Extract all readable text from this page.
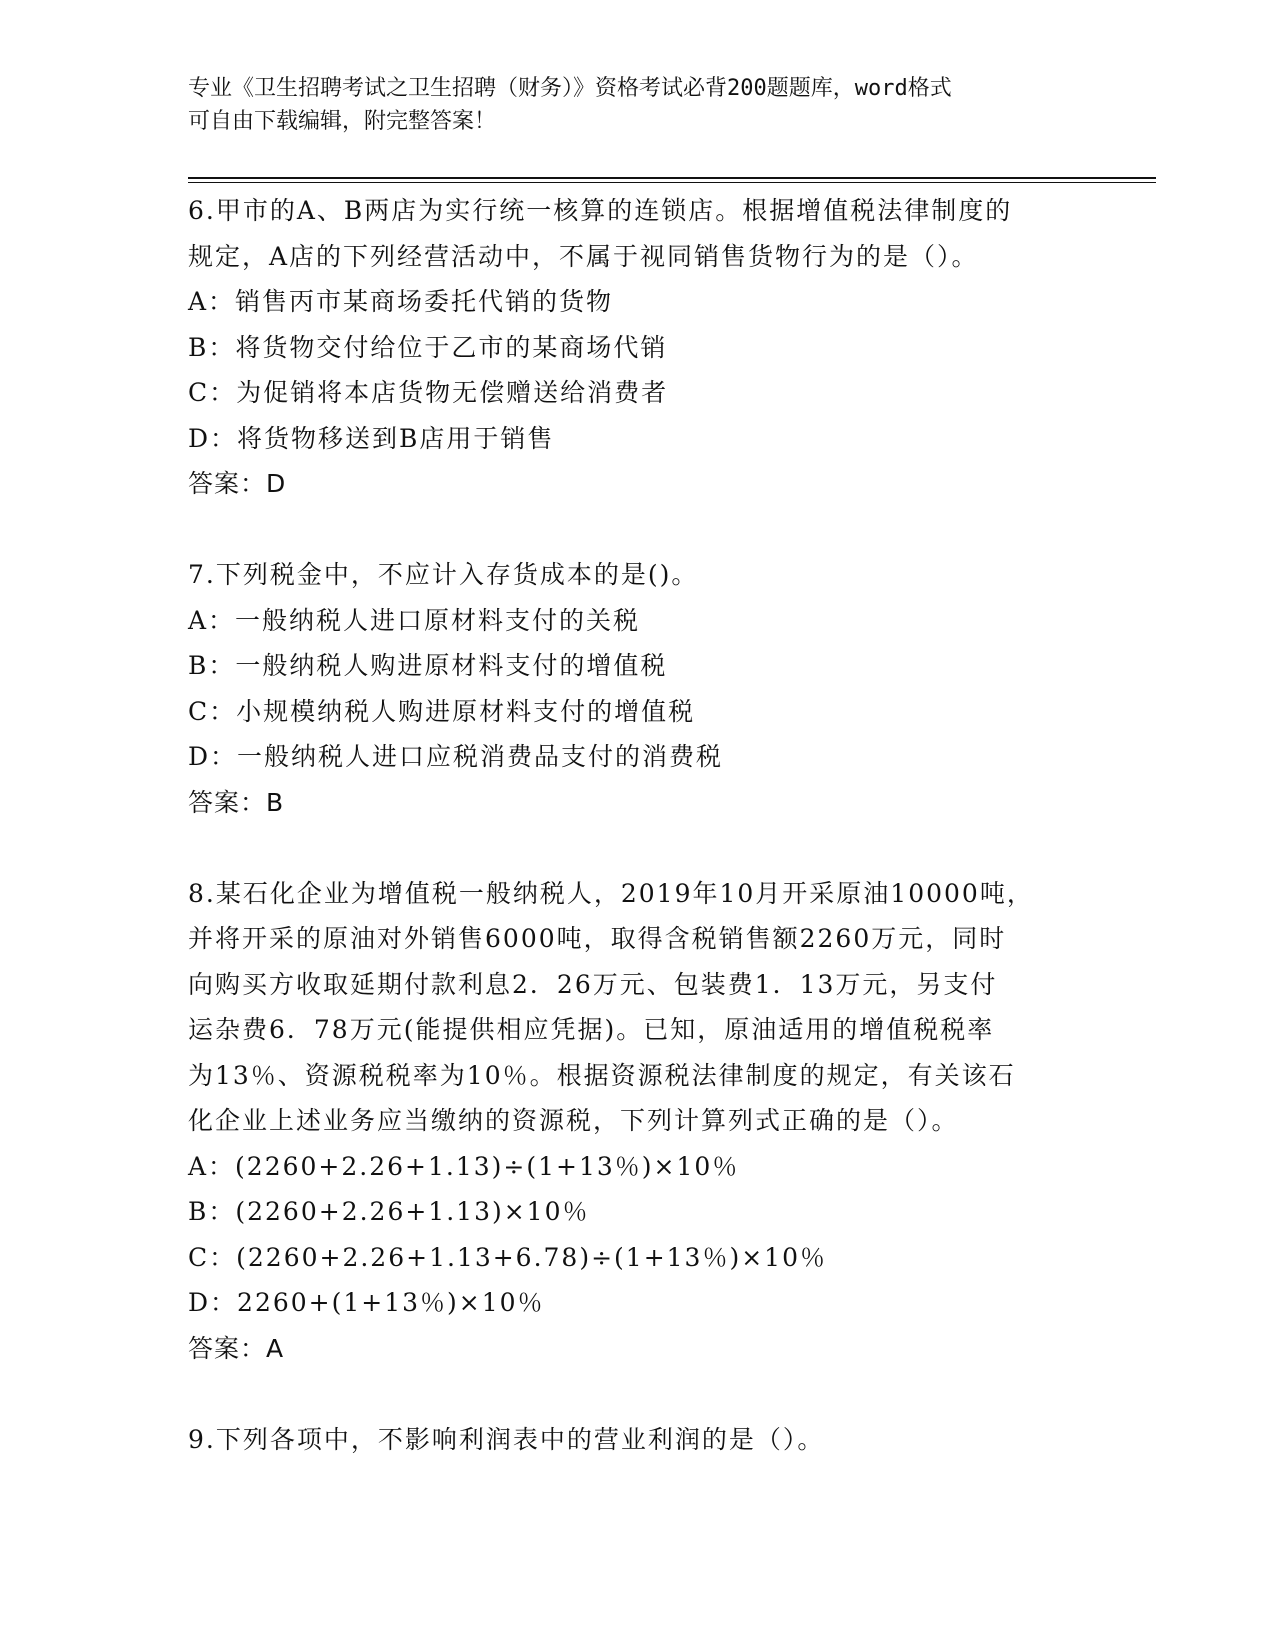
专业《卫生招聘考试之卫生招聘（财务）》资格考试必背200题题库，word格式
可自由下载编辑，附完整答案！
6.甲市的A、B两店为实行统一核算的连锁店。根据增值税法律制度的
规定，A店的下列经营活动中，不属于视同销售货物行为的是（）。
A：销售丙市某商场委托代销的货物
B：将货物交付给位于乙市的某商场代销
C：为促销将本店货物无偿赠送给消费者
D：将货物移送到B店用于销售
答案：D
7.下列税金中，不应计入存货成本的是()。
A：一般纳税人进口原材料支付的关税
B：一般纳税人购进原材料支付的增值税
C：小规模纳税人购进原材料支付的增值税
D：一般纳税人进口应税消费品支付的消费税
答案：B
8.某石化企业为增值税一般纳税人，2019年10月开采原油10000吨，
并将开采的原油对外销售6000吨，取得含税销售额2260万元，同时
向购买方收取延期付款利息2．26万元、包装费1．13万元，另支付
运杂费6．78万元(能提供相应凭据)。已知，原油适用的增值税税率
为13％、资源税税率为10％。根据资源税法律制度的规定，有关该石
化企业上述业务应当缴纳的资源税，下列计算列式正确的是（）。
A：(2260+2.26+1.13)÷(1+13％)×10％
B：(2260+2.26+1.13)×10％
C：(2260+2.26+1.13+6.78)÷(1+13％)×10％
D：2260+(1+13％)×10％
答案：A
9.下列各项中，不影响利润表中的营业利润的是（）。
